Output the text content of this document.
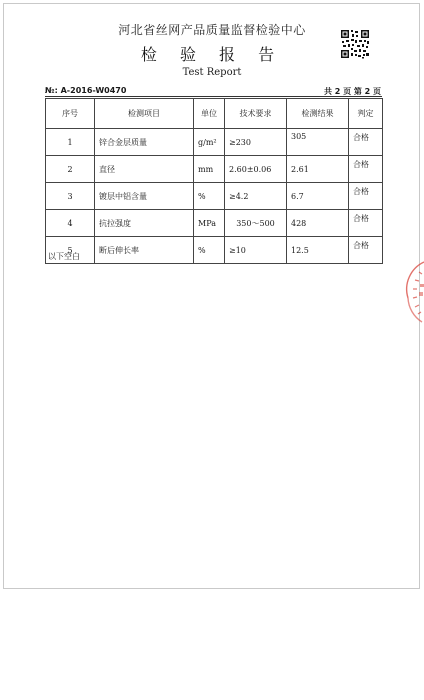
河北省丝网产品质量监督检验中心
检 验 报 告
Test Report
№: A-2016-W0470	共 2 页 第 2 页
序号	检测项目	单位	技术要求	检测结果	判定
1	锌合金层质量	g/m²	≥230	305	合格
2	直径	mm	2.60±0.06	2.61	合格
3	镀层中铝含量	%	≥4.2	6.7	合格
4	抗拉强度	MPa	350～500	428	合格
5	断后伸长率	%	≥10	12.5	合格
以下空白
